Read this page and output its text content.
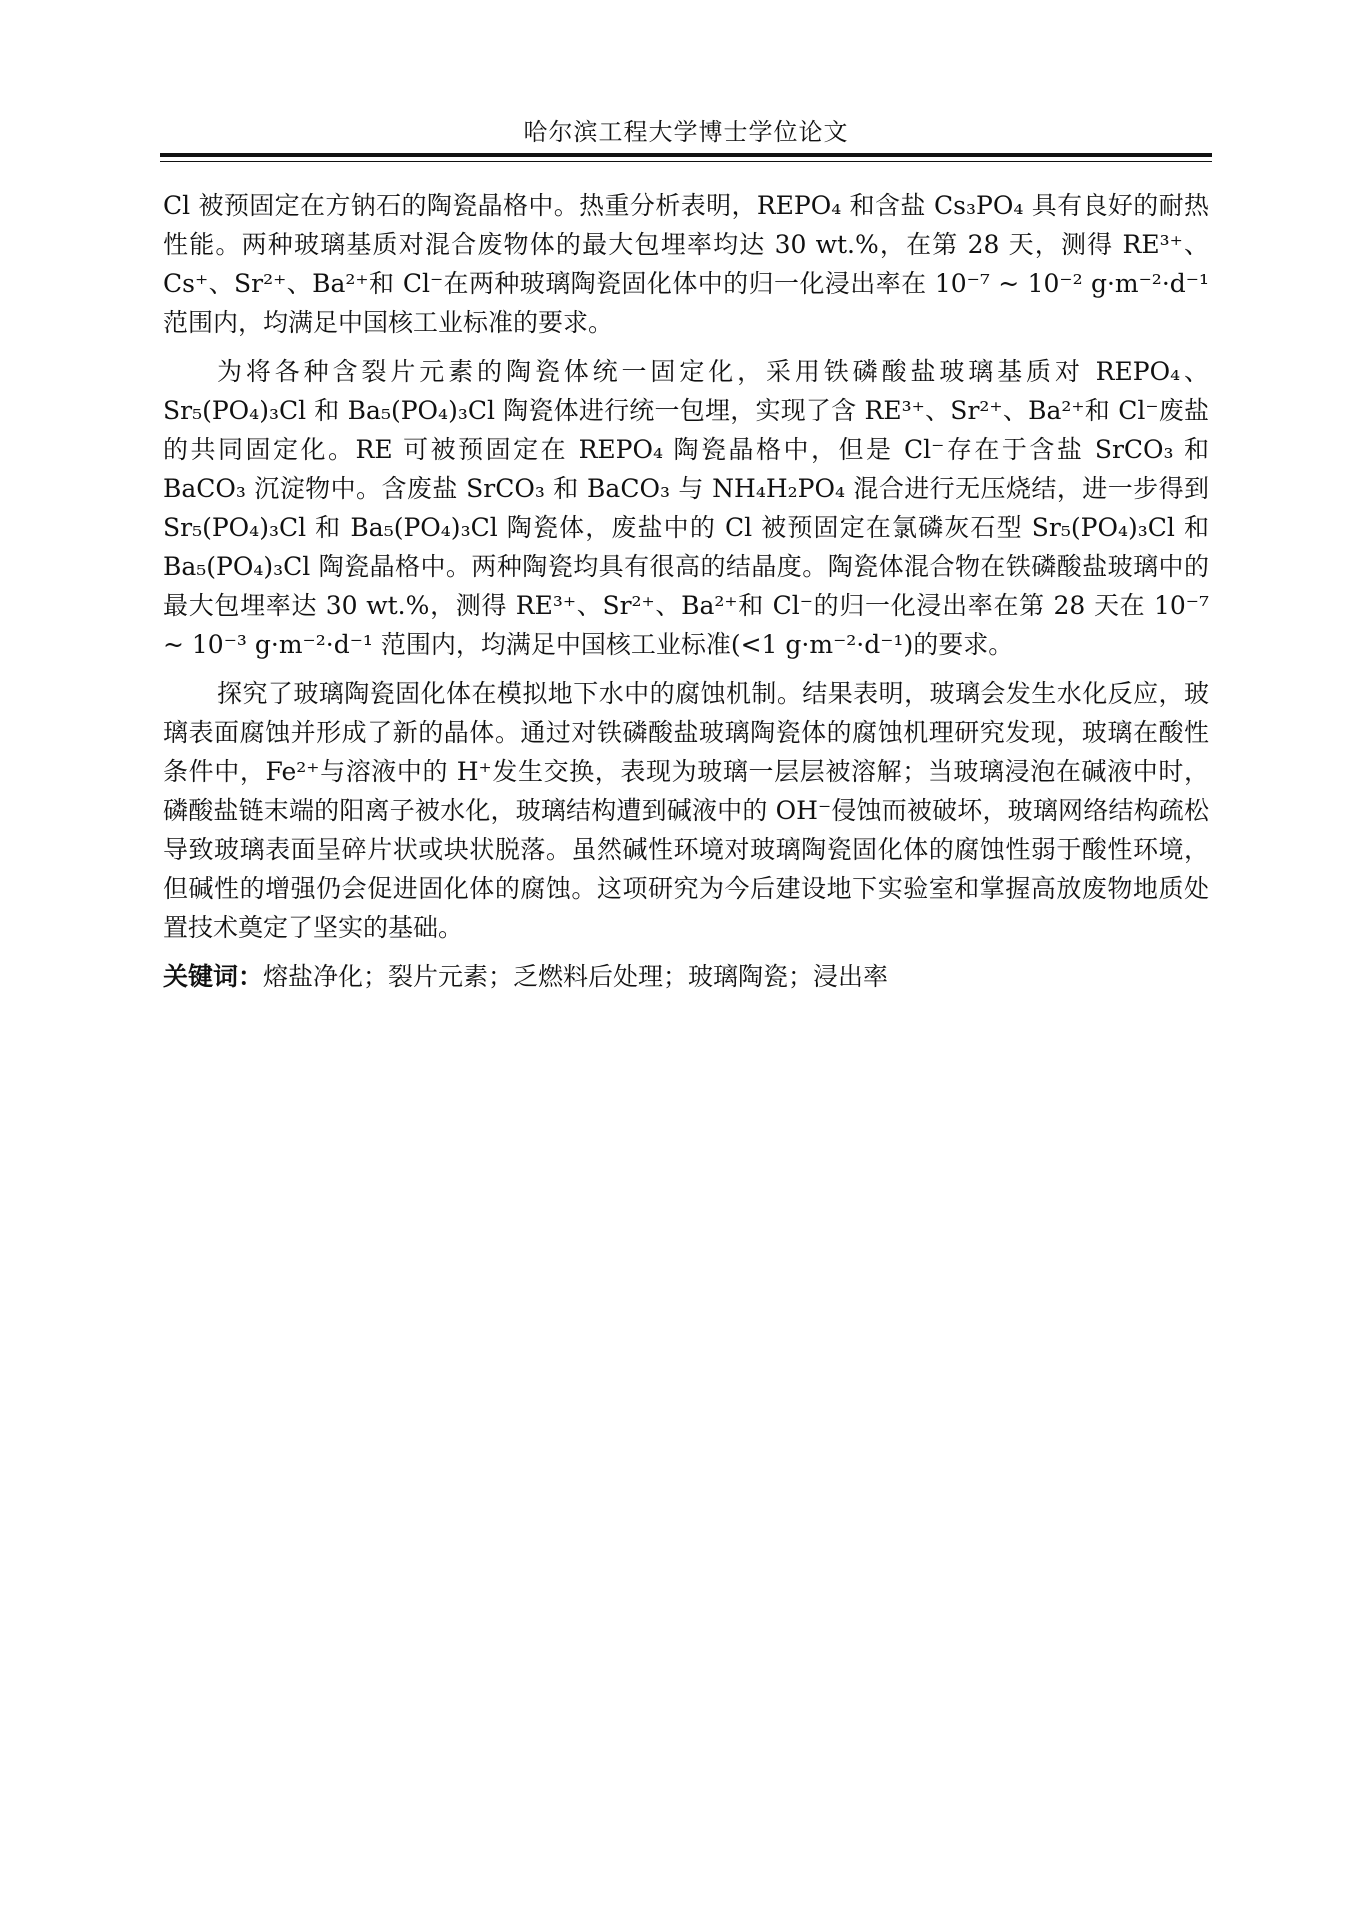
哈尔滨工程大学博士学位论文

Cl 被预固定在方钠石的陶瓷晶格中。热重分析表明，REPO₄ 和含盐 Cs₃PO₄ 具有良好的耐热性能。两种玻璃基质对混合废物体的最大包埋率均达 30 wt.%，在第 28 天，测得 RE³⁺、Cs⁺、Sr²⁺、Ba²⁺和 Cl⁻在两种玻璃陶瓷固化体中的归一化浸出率在 10⁻⁷ ~ 10⁻² g·m⁻²·d⁻¹ 范围内，均满足中国核工业标准的要求。

为将各种含裂片元素的陶瓷体统一固定化，采用铁磷酸盐玻璃基质对 REPO₄、Sr₅(PO₄)₃Cl 和 Ba₅(PO₄)₃Cl 陶瓷体进行统一包埋，实现了含 RE³⁺、Sr²⁺、Ba²⁺和 Cl⁻废盐的共同固定化。RE 可被预固定在 REPO₄ 陶瓷晶格中，但是 Cl⁻存在于含盐 SrCO₃ 和 BaCO₃ 沉淀物中。含废盐 SrCO₃ 和 BaCO₃ 与 NH₄H₂PO₄ 混合进行无压烧结，进一步得到 Sr₅(PO₄)₃Cl 和 Ba₅(PO₄)₃Cl 陶瓷体，废盐中的 Cl 被预固定在氯磷灰石型 Sr₅(PO₄)₃Cl 和 Ba₅(PO₄)₃Cl 陶瓷晶格中。两种陶瓷均具有很高的结晶度。陶瓷体混合物在铁磷酸盐玻璃中的最大包埋率达 30 wt.%，测得 RE³⁺、Sr²⁺、Ba²⁺和 Cl⁻的归一化浸出率在第 28 天在 10⁻⁷ ~ 10⁻³ g·m⁻²·d⁻¹ 范围内，均满足中国核工业标准(<1 g·m⁻²·d⁻¹)的要求。

探究了玻璃陶瓷固化体在模拟地下水中的腐蚀机制。结果表明，玻璃会发生水化反应，玻璃表面腐蚀并形成了新的晶体。通过对铁磷酸盐玻璃陶瓷体的腐蚀机理研究发现，玻璃在酸性条件中，Fe²⁺与溶液中的 H⁺发生交换，表现为玻璃一层层被溶解；当玻璃浸泡在碱液中时，磷酸盐链末端的阳离子被水化，玻璃结构遭到碱液中的 OH⁻侵蚀而被破坏，玻璃网络结构疏松导致玻璃表面呈碎片状或块状脱落。虽然碱性环境对玻璃陶瓷固化体的腐蚀性弱于酸性环境，但碱性的增强仍会促进固化体的腐蚀。这项研究为今后建设地下实验室和掌握高放废物地质处置技术奠定了坚实的基础。

关键词：熔盐净化；裂片元素；乏燃料后处理；玻璃陶瓷；浸出率
